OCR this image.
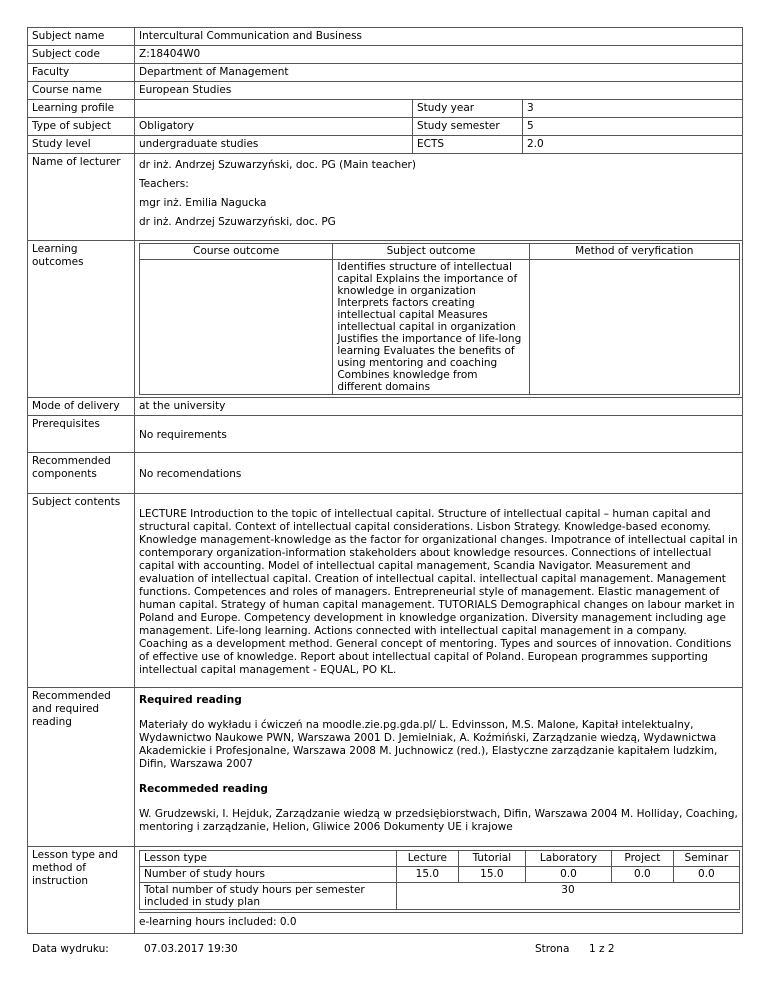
Subject name	Intercultural Communication and Business
Subject code	Z:18404W0
Faculty	Department of Management
Course name	European Studies
Learning profile		Study year	3
Type of subject	Obligatory	Study semester	5
Study level	undergraduate studies	ECTS	2.0
Name of lecturer	dr inż. Andrzej Szuwarzyński, doc. PG (Main teacher)

Teachers:

mgr inż. Emilia Nagucka

dr inż. Andrzej Szuwarzyński, doc. PG

Learning outcomes	
Course outcome	Subject outcome	Method of veryfication
	Identifies structure of intellectual capital Explains the importance of knowledge in organization Interprets factors creating intellectual capital Measures intellectual capital in organization Justifies the importance of life-long learning Evaluates the benefits of using mentoring and coaching Combines knowledge from different domains	

Mode of delivery	at the university
Prerequisites	No requirements
Recommended components	No recomendations
Subject contents	LECTURE Introduction to the topic of intellectual capital. Structure of intellectual capital – human capital and structural capital. Context of intellectual capital considerations. Lisbon Strategy. Knowledge-based economy. Knowledge management-knowledge as the factor for organizational changes. Impotrance of intellectual capital in contemporary organization-information stakeholders about knowledge resources. Connections of intellectual capital with accounting. Model of intellectual capital management, Scandia Navigator. Measurement and evaluation of intellectual capital. Creation of intellectual capital. intellectual capital management. Management functions. Competences and roles of managers. Entrepreneurial style of management. Elastic management of human capital. Strategy of human capital management. TUTORIALS Demographical changes on labour market in Poland and Europe. Competency development in knowledge organization. Diversity management including age management. Life-long learning. Actions connected with intellectual capital management in a company. Coaching as a development method. General concept of mentoring. Types and sources of innovation. Conditions of effective use of knowledge. Report about intellectual capital of Poland. European programmes supporting intellectual capital management - EQUAL, PO KL.
Recommended and required reading	

Required reading

Materiały do wykładu i ćwiczeń na moodle.zie.pg.gda.pl/ L. Edvinsson, M.S. Malone, Kapitał intelektualny, Wydawnictwo Naukowe PWN, Warszawa 2001 D. Jemielniak, A. Koźmiński, Zarządzanie wiedzą, Wydawnictwa Akademickie i Profesjonalne, Warszawa 2008 M. Juchnowicz (red.), Elastyczne zarządzanie kapitałem ludzkim, Difin, Warszawa 2007

Recommeded reading

W. Grudzewski, I. Hejduk, Zarządzanie wiedzą w przedsiębiorstwach, Difin, Warszawa 2004 M. Holliday, Coaching, mentoring i zarządzanie, Helion, Gliwice 2006 Dokumenty UE i krajowe

Lesson type and method of instruction	
Lesson type	Lecture	Tutorial	Laboratory	Project	Seminar
Number of study hours	15.0	15.0	0.0	0.0	0.0
Total number of study hours per semester included in study plan	30
e-learning hours included: 0.0
Data wydruku:	07.03.2017 19:30	Strona 1 z 2
